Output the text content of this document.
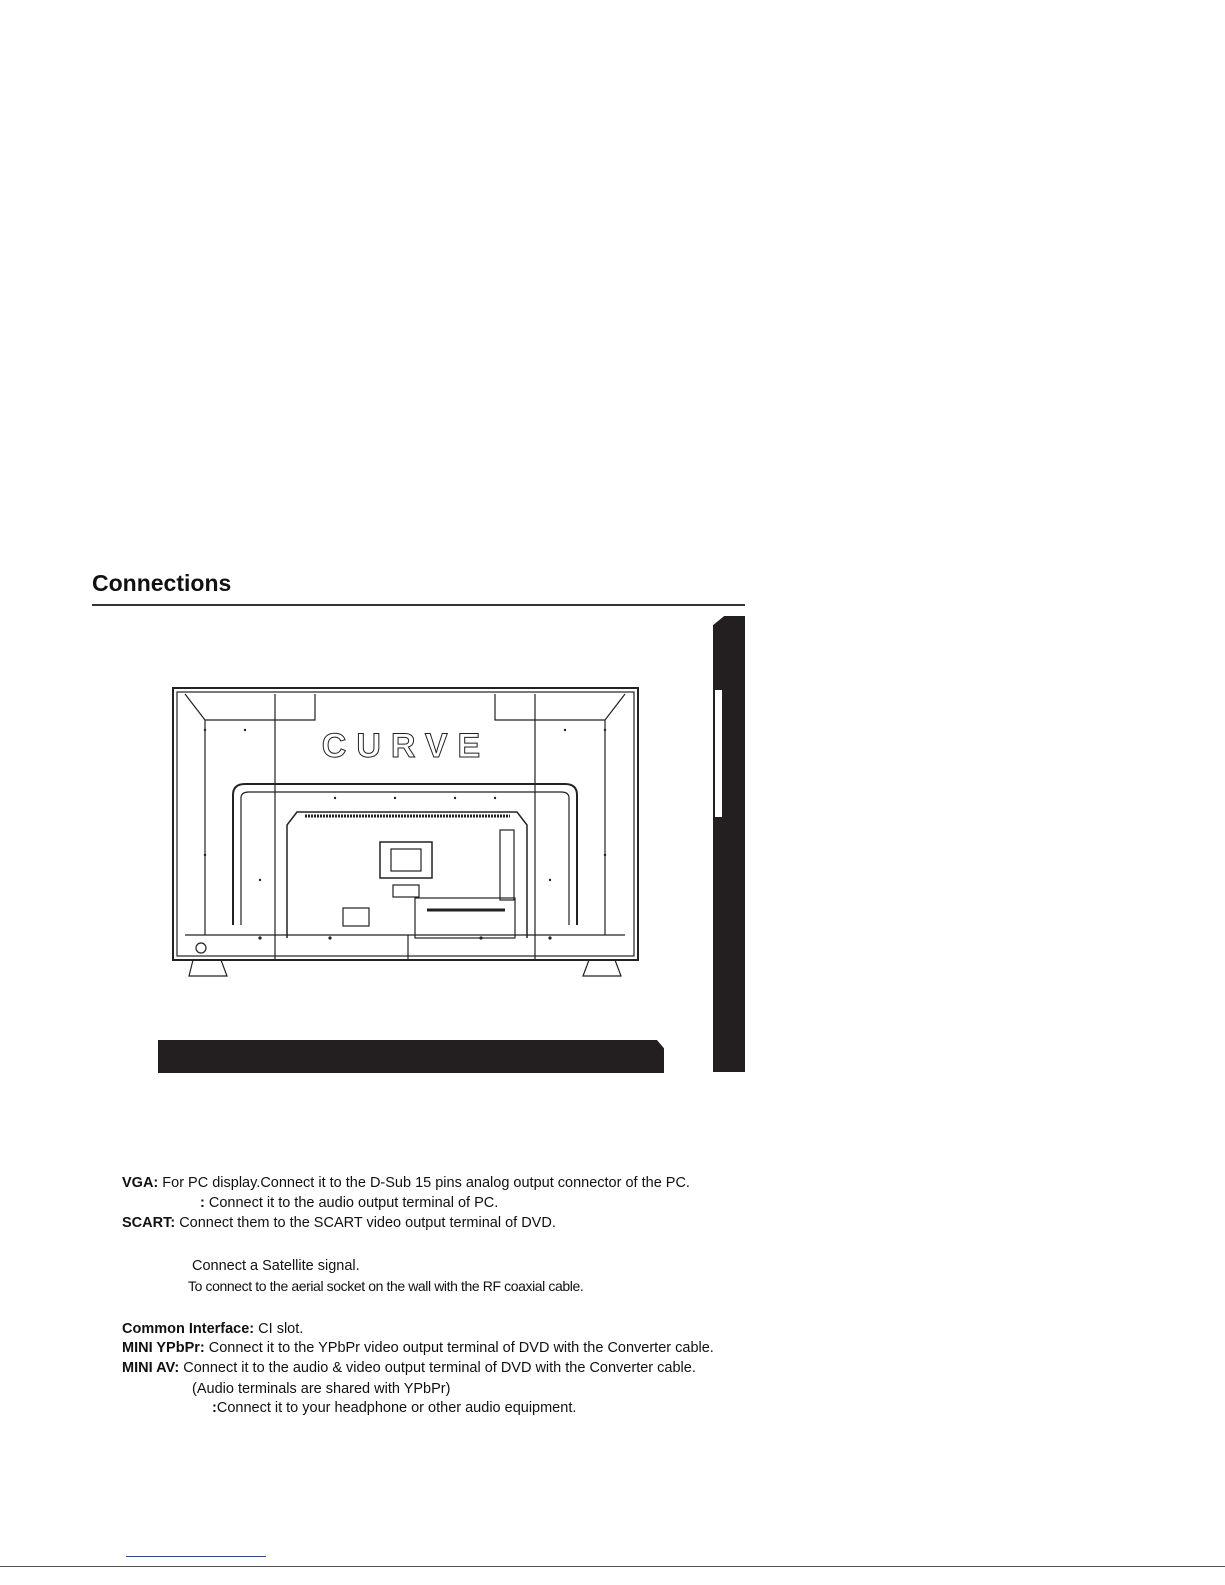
Connections
CURVE

VGA: For PC display.Connect it to the D-Sub 15 pins analog output connector of the PC.

: Connect it to the audio output terminal of PC.

SCART: Connect them to the SCART video output terminal of DVD.

Connect a Satellite signal.

To connect to the aerial socket on the wall with the RF coaxial cable.

Common Interface: CI slot.

MINI YPbPr: Connect it to the YPbPr video output terminal of DVD with the Converter cable.

MINI AV: Connect it to the audio & video output terminal of DVD with the Converter cable.

(Audio terminals are shared with YPbPr)

:Connect it to your headphone or other audio equipment.
